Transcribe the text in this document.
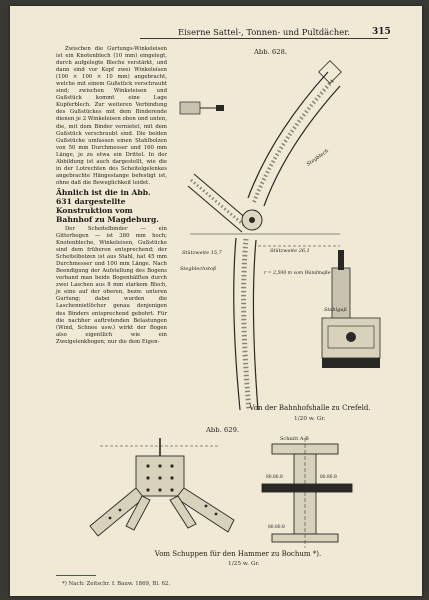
Eiserne Sattel-, Tonnen- und Pultdächer.	315

Zwischen die Gurtungs-Winkeleisen ist ein Knotenblech (10 mm) eingelegt, durch aufgelegte Bleche verstärkt, und dann sind vor Kopf zwei Winkeleisen (100 × 100 × 10 mm) angebracht, welche mit einem Gußstück verschraubt sind; zwischen Winkeleisen und Gußstück kommt eine Lage Kupferblech. Zur weiteren Verbindung des Gußstückes mit dem Binderende dienen je 2 Winkeleisen oben und unten, die, mit dem Binder vernietet, mit dem Gußstück verschraubt sind. Die beiden Gußstücke umfassen einen Stahlbolzen von 50 mm Durchmesser und 160 mm Länge, je zu etwa ein Drittel. In der Abbildung ist auch dargestellt, wie die in der Lotrechten des Scheitelgelenkes angebrachte Hängestange befestigt ist, ohne daß die Beweglichkeit leidet.

Ähnlich ist die in Abb. 631 dargestellte Konstruktion vom Bahnhof zu Magdeburg.

Der Scheitelbinder — ein Gitterbogen — ist 380 mm hoch; Knotenbleche, Winkeleisen, Gußstücke sind dem früheren entsprechend; der Scheitelbolzen ist aus Stahl, hat 45 mm Durchmesser und 100 mm Länge. Nach Beendigung der Aufstellung des Bogens verband man beide Bogenhälften durch zwei Laschen aus 8 mm starkem Blech, je eine auf der oberen, bezw. unteren Gurtung; dabei wurden die Laschennietlöcher genau denjenigen des Binders entsprechend gebohrt. Für die nachher auftretenden Belastungen (Wind, Schnee usw.) wirkt der Bogen also eigentlich wie ein Zweigelenkbogen; nur die dem Eigen-

Abb. 628.
Stegblech
Stützweite 15,7	Stützweite 26,1
Stegblechstoß
r = 2,598 m vom Wandmaße
Stahlguß
Von der Bahnhofshalle zu Crefeld.
1/20 w. Gr.
Abb. 629.
Schnitt A-B
80.80.8	80.80.8
80.80.8
Vom Schuppen für den Hammer zu Bochum *).
1/25 w. Gr.
*) Nach: Zeitschr. f. Bauw. 1869, Bl. 62.
